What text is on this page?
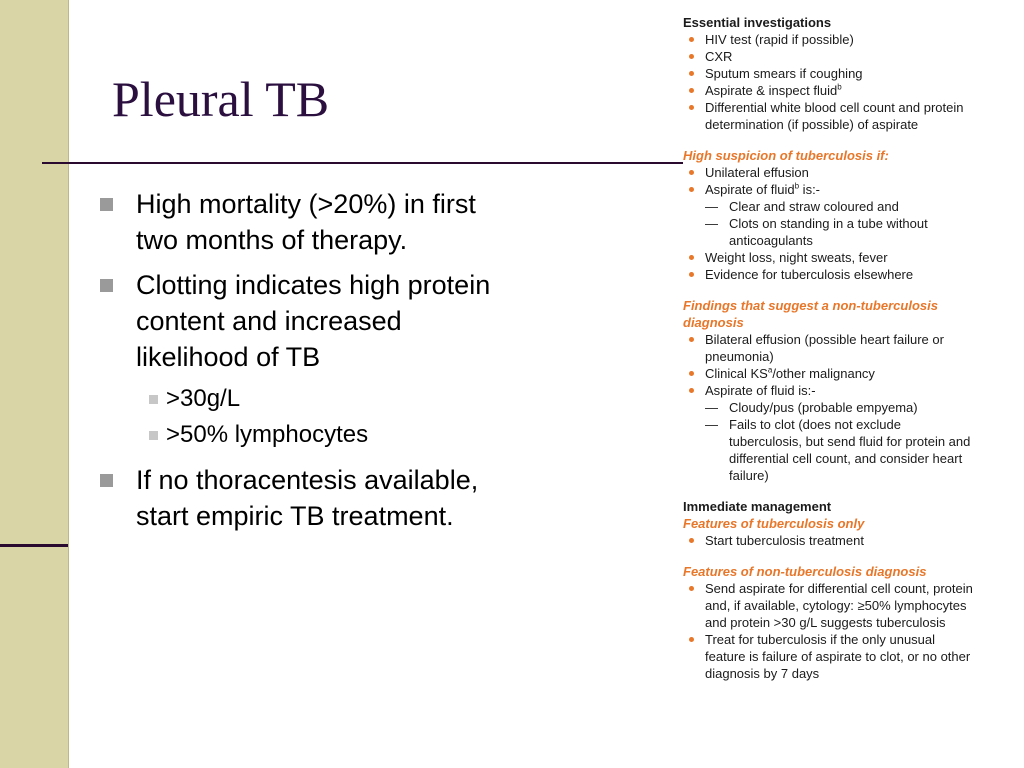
Pleural TB
High mortality (>20%) in first two months of therapy.
Clotting indicates high protein content and increased likelihood of TB
>30g/L
>50% lymphocytes
If no thoracentesis available, start empiric TB treatment.
Essential investigations
HIV test (rapid if possible)
CXR
Sputum smears if coughing
Aspirate & inspect fluid$^b$
Differential white blood cell count and protein determination (if possible) of aspirate
High suspicion of tuberculosis if:
Unilateral effusion
Aspirate of fluid$^b$ is:-
— Clear and straw coloured and
— Clots on standing in a tube without anticoagulants
Weight loss, night sweats, fever
Evidence for tuberculosis elsewhere
Findings that suggest a non-tuberculosis diagnosis
Bilateral effusion (possible heart failure or pneumonia)
Clinical $KS^a$/other malignancy
Aspirate of fluid is:-
— Cloudy/pus (probable empyema)
— Fails to clot (does not exclude tuberculosis, but send fluid for protein and differential cell count, and consider heart failure)
Immediate management
Features of tuberculosis only
Start tuberculosis treatment
Features of non-tuberculosis diagnosis
Send aspirate for differential cell count, protein and, if available, cytology: ≥50% lymphocytes and protein >30 g/L suggests tuberculosis
Treat for tuberculosis if the only unusual feature is failure of aspirate to clot, or no other diagnosis by 7 days
